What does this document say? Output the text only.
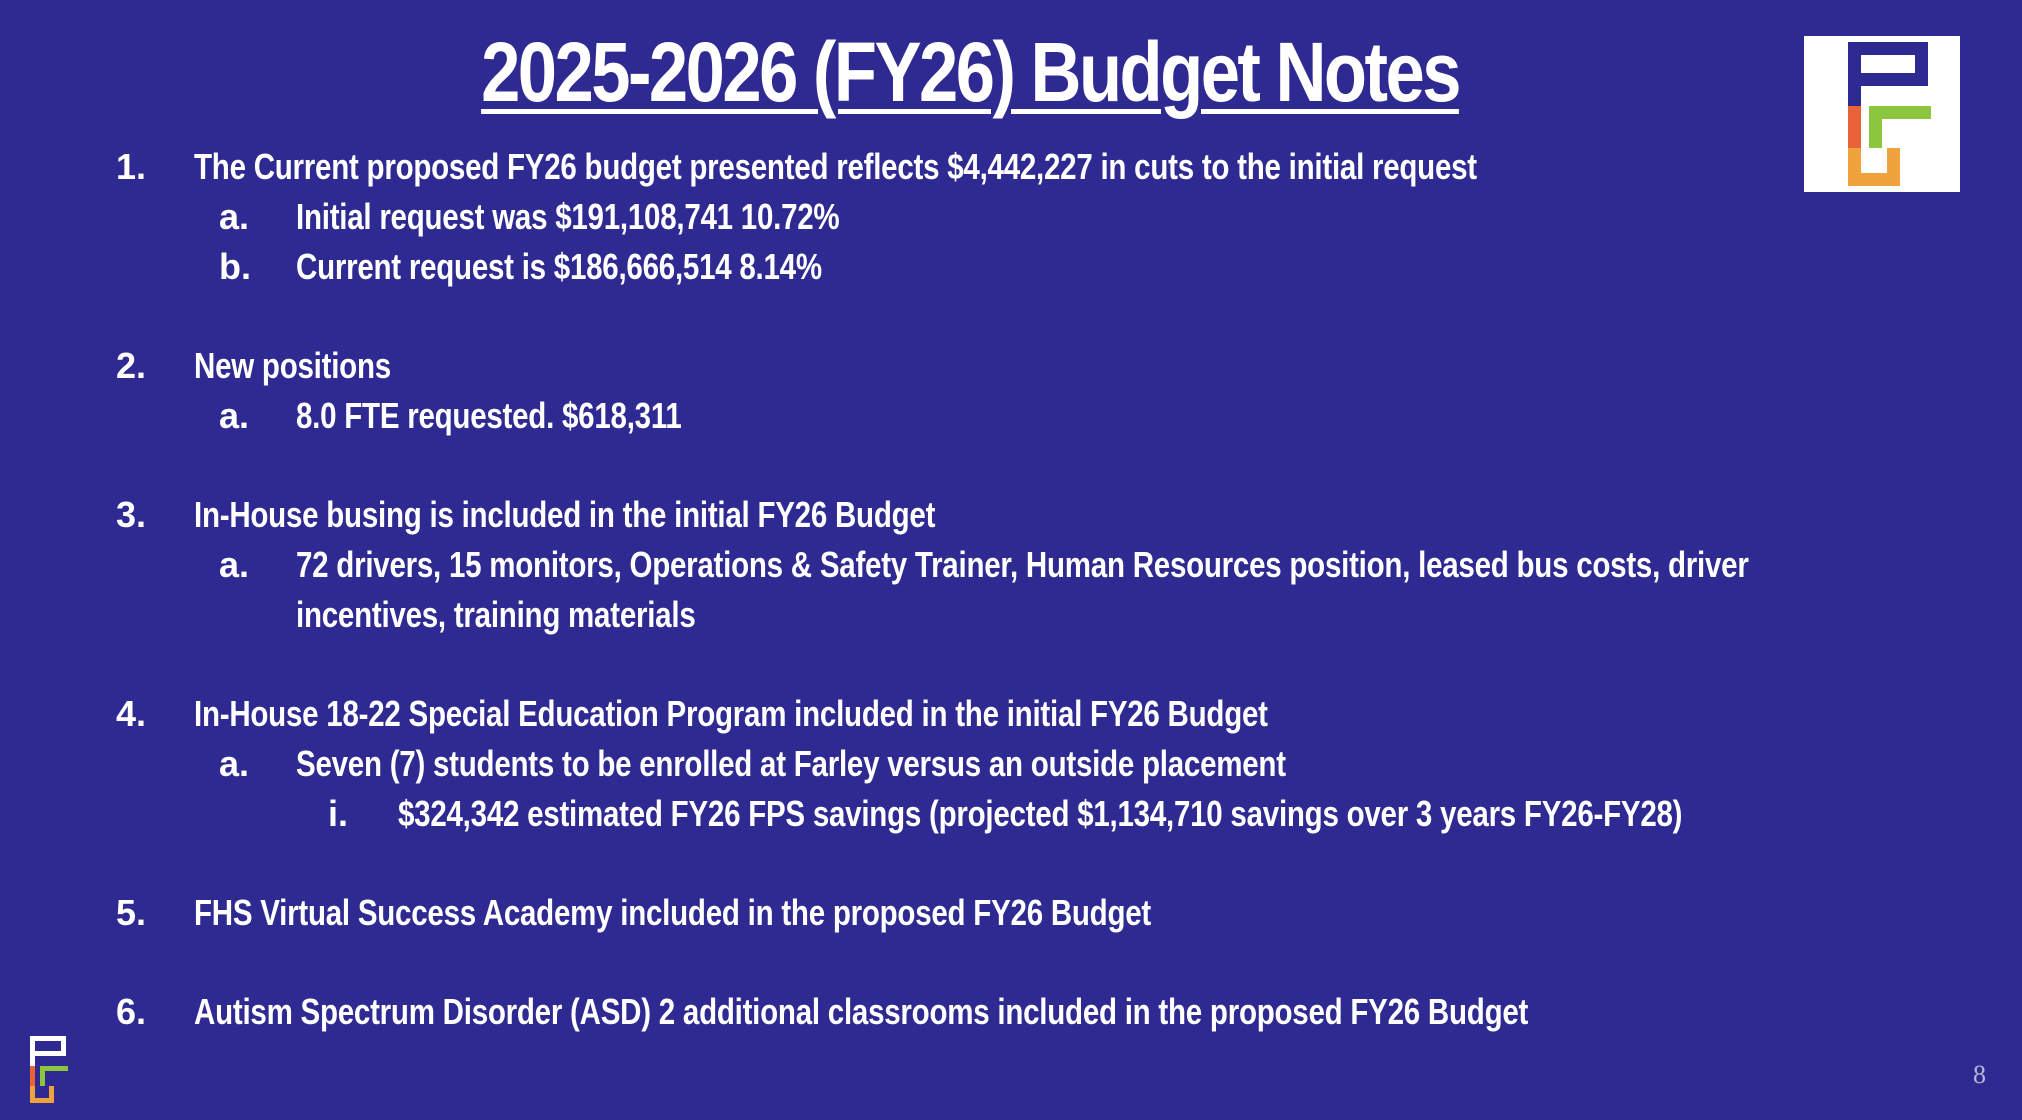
2025-2026 (FY26) Budget Notes
1. The Current proposed FY26 budget presented reflects $4,442,227 in cuts to the initial request
a. Initial request was $191,108,741 10.72%
b. Current request is $186,666,514 8.14%
2. New positions
a. 8.0 FTE requested. $618,311
3. In-House busing is included in the initial FY26 Budget
a. 72 drivers, 15 monitors, Operations & Safety Trainer, Human Resources position, leased bus costs, driver
incentives, training materials
4. In-House 18-22 Special Education Program included in the initial FY26 Budget
a. Seven (7) students to be enrolled at Farley versus an outside placement
i. $324,342 estimated FY26 FPS savings (projected $1,134,710 savings over 3 years FY26-FY28)
5. FHS Virtual Success Academy included in the proposed FY26 Budget
6. Autism Spectrum Disorder (ASD) 2 additional classrooms included in the proposed FY26 Budget
8
